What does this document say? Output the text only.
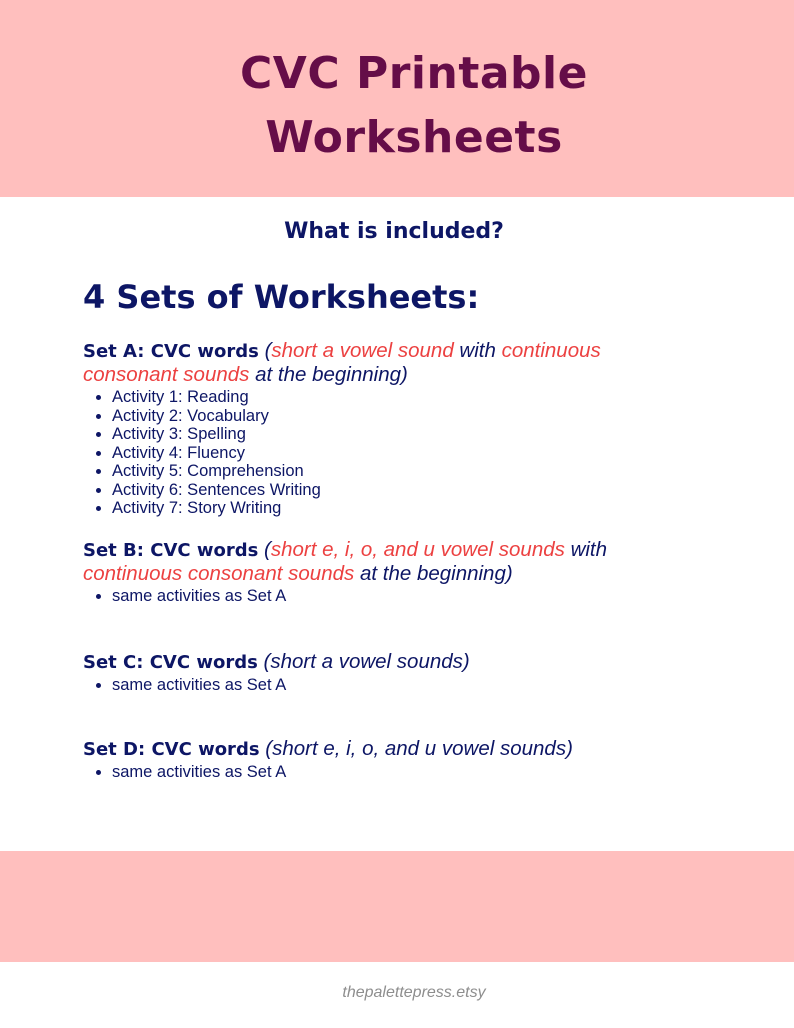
CVC Printable
Worksheets
What is included?
4 Sets of Worksheets:

Set A: CVC words (short a vowel sound with continuous consonant sounds at the beginning)

• Activity 1: Reading
• Activity 2: Vocabulary
• Activity 3: Spelling
• Activity 4: Fluency
• Activity 5: Comprehension
• Activity 6: Sentences Writing
• Activity 7: Story Writing

Set B: CVC words (short e, i, o, and u vowel sounds with continuous consonant sounds at the beginning)

• same activities as Set A

Set C: CVC words (short a vowel sounds)

• same activities as Set A

Set D: CVC words (short e, i, o, and u vowel sounds)

• same activities as Set A
thepalettepress.etsy
